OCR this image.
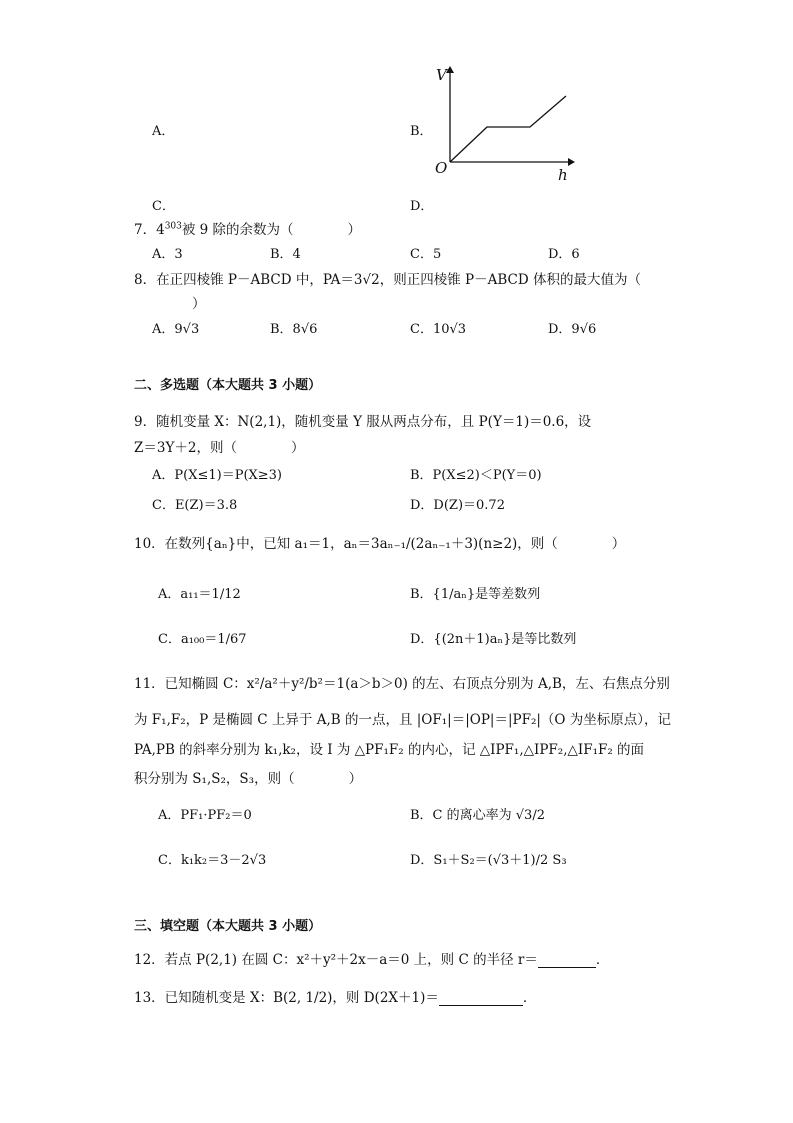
A．	B．
V
O	h
C．	D．
7．$4^{303}$被 9 除的余数为（　　　　）
A．3	B．4	C．5	D．6
8．在正四棱锥 P－ABCD 中，PA＝3√2，则正四棱锥 P－ABCD 体积的最大值为（
）
A．9√3	B．8√6	C．10√3	D．9√6
二、多选题（本大题共 3 小题）
9．随机变量 X：N(2,1)，随机变量 Y 服从两点分布，且 P(Y＝1)＝0.6，设
Z＝3Y＋2，则（　　　　）
A．P(X≤1)＝P(X≥3)	B．P(X≤2)＜P(Y＝0)
C．E(Z)＝3.8	D．D(Z)＝0.72
10．在数列{aₙ}中，已知 a₁＝1，aₙ＝3aₙ₋₁/(2aₙ₋₁＋3)(n≥2)，则（　　　　）
A．a₁₁＝1/12	B．{1/aₙ}是等差数列
C．a₁₀₀＝1/67	D．{(2n＋1)aₙ}是等比数列
11．已知椭圆 C：x²/a²＋y²/b²＝1(a＞b＞0) 的左、右顶点分别为 A,B，左、右焦点分别
为 F₁,F₂，P 是椭圆 C 上异于 A,B 的一点，且 |OF₁|＝|OP|＝|PF₂|（O 为坐标原点），记
PA,PB 的斜率分别为 k₁,k₂，设 I 为 △PF₁F₂ 的内心，记 △IPF₁,△IPF₂,△IF₁F₂ 的面
积分别为 S₁,S₂，S₃，则（　　　　）
A．PF₁·PF₂＝0	B．C 的离心率为 √3/2
C．k₁k₂＝3－2√3	D．S₁＋S₂＝(√3＋1)/2 S₃
三、填空题（本大题共 3 小题）
12．若点 P(2,1) 在圆 C：x²＋y²＋2x－a＝0 上，则 C 的半径 r＝	．
13．已知随机变是 X：B(2, 1/2)，则 D(2X＋1)＝	．
